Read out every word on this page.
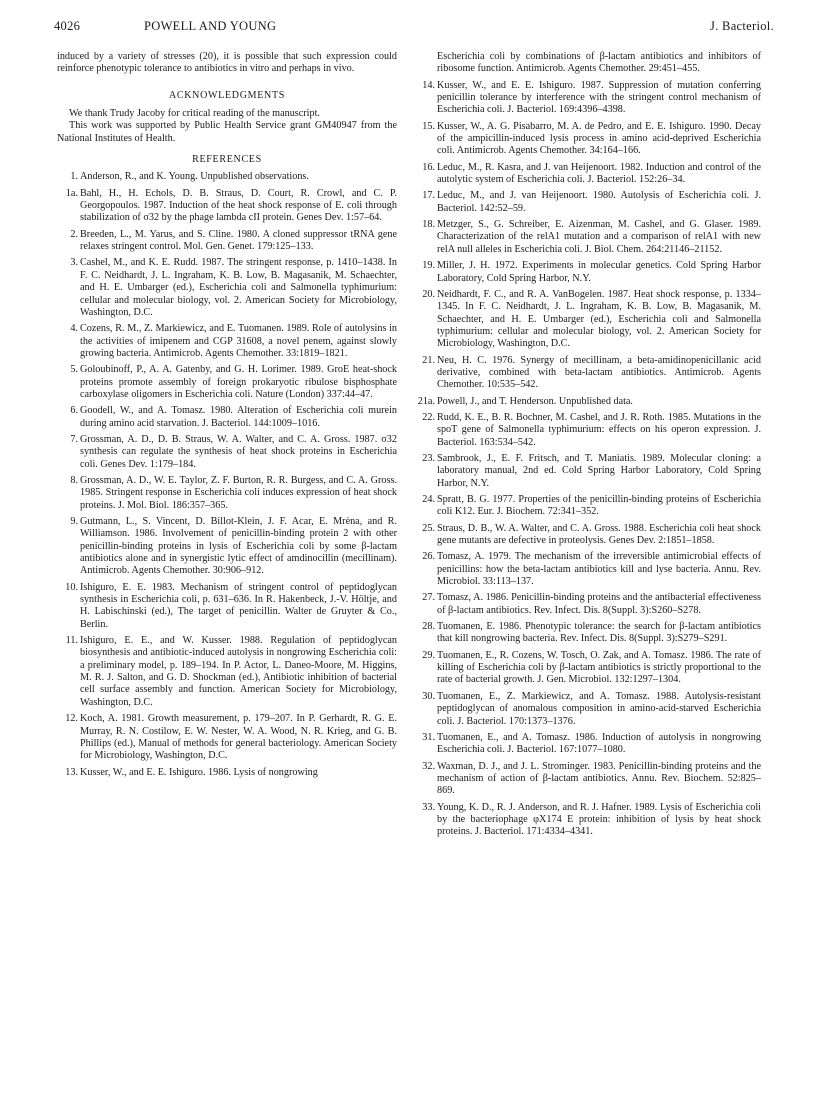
4026	POWELL AND YOUNG	J. Bacteriol.

induced by a variety of stresses (20), it is possible that such expression could reinforce phenotypic tolerance to antibiotics in vitro and perhaps in vivo.

ACKNOWLEDGMENTS

We thank Trudy Jacoby for critical reading of the manuscript.

This work was supported by Public Health Service grant GM40947 from the National Institutes of Health.

REFERENCES

1. Anderson, R., and K. Young. Unpublished observations.
1a. Bahl, H., H. Echols, D. B. Straus, D. Court, R. Crowl, and C. P. Georgopoulos. 1987. Induction of the heat shock response of E. coli through stabilization of σ32 by the phage lambda cII protein. Genes Dev. 1:57–64.
2. Breeden, L., M. Yarus, and S. Cline. 1980. A cloned suppressor tRNA gene relaxes stringent control. Mol. Gen. Genet. 179:125–133.
3. Cashel, M., and K. E. Rudd. 1987. The stringent response, p. 1410–1438. In F. C. Neidhardt, J. L. Ingraham, K. B. Low, B. Magasanik, M. Schaechter, and H. E. Umbarger (ed.), Escherichia coli and Salmonella typhimurium: cellular and molecular biology, vol. 2. American Society for Microbiology, Washington, D.C.
4. Cozens, R. M., Z. Markiewicz, and E. Tuomanen. 1989. Role of autolysins in the activities of imipenem and CGP 31608, a novel penem, against slowly growing bacteria. Antimicrob. Agents Chemother. 33:1819–1821.
5. Goloubinoff, P., A. A. Gatenby, and G. H. Lorimer. 1989. GroE heat-shock proteins promote assembly of foreign prokaryotic ribulose bisphosphate carboxylase oligomers in Escherichia coli. Nature (London) 337:44–47.
6. Goodell, W., and A. Tomasz. 1980. Alteration of Escherichia coli murein during amino acid starvation. J. Bacteriol. 144:1009–1016.
7. Grossman, A. D., D. B. Straus, W. A. Walter, and C. A. Gross. 1987. σ32 synthesis can regulate the synthesis of heat shock proteins in Escherichia coli. Genes Dev. 1:179–184.
8. Grossman, A. D., W. E. Taylor, Z. F. Burton, R. R. Burgess, and C. A. Gross. 1985. Stringent response in Escherichia coli induces expression of heat shock proteins. J. Mol. Biol. 186:357–365.
9. Gutmann, L., S. Vincent, D. Billot-Klein, J. F. Acar, E. Mrèna, and R. Williamson. 1986. Involvement of penicillin-binding protein 2 with other penicillin-binding proteins in lysis of Escherichia coli by some β-lactam antibiotics alone and in synergistic lytic effect of amdinocillin (mecillinam). Antimicrob. Agents Chemother. 30:906–912.
10. Ishiguro, E. E. 1983. Mechanism of stringent control of peptidoglycan synthesis in Escherichia coli, p. 631–636. In R. Hakenbeck, J.-V. Höltje, and H. Labischinski (ed.), The target of penicillin. Walter de Gruyter & Co., Berlin.
11. Ishiguro, E. E., and W. Kusser. 1988. Regulation of peptidoglycan biosynthesis and antibiotic-induced autolysis in nongrowing Escherichia coli: a preliminary model, p. 189–194. In P. Actor, L. Daneo-Moore, M. Higgins, M. R. J. Salton, and G. D. Shockman (ed.), Antibiotic inhibition of bacterial cell surface assembly and function. American Society for Microbiology, Washington, D.C.
12. Koch, A. 1981. Growth measurement, p. 179–207. In P. Gerhardt, R. G. E. Murray, R. N. Costilow, E. W. Nester, W. A. Wood, N. R. Krieg, and G. B. Phillips (ed.), Manual of methods for general bacteriology. American Society for Microbiology, Washington, D.C.
13. Kusser, W., and E. E. Ishiguro. 1986. Lysis of nongrowing

Escherichia coli by combinations of β-lactam antibiotics and inhibitors of ribosome function. Antimicrob. Agents Chemother. 29:451–455.

14. Kusser, W., and E. E. Ishiguro. 1987. Suppression of mutation conferring penicillin tolerance by interference with the stringent control mechanism of Escherichia coli. J. Bacteriol. 169:4396–4398.
15. Kusser, W., A. G. Pisabarro, M. A. de Pedro, and E. E. Ishiguro. 1990. Decay of the ampicillin-induced lysis process in amino acid-deprived Escherichia coli. Antimicrob. Agents Chemother. 34:164–166.
16. Leduc, M., R. Kasra, and J. van Heijenoort. 1982. Induction and control of the autolytic system of Escherichia coli. J. Bacteriol. 152:26–34.
17. Leduc, M., and J. van Heijenoort. 1980. Autolysis of Escherichia coli. J. Bacteriol. 142:52–59.
18. Metzger, S., G. Schreiber, E. Aizenman, M. Cashel, and G. Glaser. 1989. Characterization of the relA1 mutation and a comparison of relA1 with new relA null alleles in Escherichia coli. J. Biol. Chem. 264:21146–21152.
19. Miller, J. H. 1972. Experiments in molecular genetics. Cold Spring Harbor Laboratory, Cold Spring Harbor, N.Y.
20. Neidhardt, F. C., and R. A. VanBogelen. 1987. Heat shock response, p. 1334–1345. In F. C. Neidhardt, J. L. Ingraham, K. B. Low, B. Magasanik, M. Schaechter, and H. E. Umbarger (ed.), Escherichia coli and Salmonella typhimurium: cellular and molecular biology, vol. 2. American Society for Microbiology, Washington, D.C.
21. Neu, H. C. 1976. Synergy of mecillinam, a beta-amidinopenicillanic acid derivative, combined with beta-lactam antibiotics. Antimicrob. Agents Chemother. 10:535–542.
21a. Powell, J., and T. Henderson. Unpublished data.
22. Rudd, K. E., B. R. Bochner, M. Cashel, and J. R. Roth. 1985. Mutations in the spoT gene of Salmonella typhimurium: effects on his operon expression. J. Bacteriol. 163:534–542.
23. Sambrook, J., E. F. Fritsch, and T. Maniatis. 1989. Molecular cloning: a laboratory manual, 2nd ed. Cold Spring Harbor Laboratory, Cold Spring Harbor, N.Y.
24. Spratt, B. G. 1977. Properties of the penicillin-binding proteins of Escherichia coli K12. Eur. J. Biochem. 72:341–352.
25. Straus, D. B., W. A. Walter, and C. A. Gross. 1988. Escherichia coli heat shock gene mutants are defective in proteolysis. Genes Dev. 2:1851–1858.
26. Tomasz, A. 1979. The mechanism of the irreversible antimicrobial effects of penicillins: how the beta-lactam antibiotics kill and lyse bacteria. Annu. Rev. Microbiol. 33:113–137.
27. Tomasz, A. 1986. Penicillin-binding proteins and the antibacterial effectiveness of β-lactam antibiotics. Rev. Infect. Dis. 8(Suppl. 3):S260–S278.
28. Tuomanen, E. 1986. Phenotypic tolerance: the search for β-lactam antibiotics that kill nongrowing bacteria. Rev. Infect. Dis. 8(Suppl. 3):S279–S291.
29. Tuomanen, E., R. Cozens, W. Tosch, O. Zak, and A. Tomasz. 1986. The rate of killing of Escherichia coli by β-lactam antibiotics is strictly proportional to the rate of bacterial growth. J. Gen. Microbiol. 132:1297–1304.
30. Tuomanen, E., Z. Markiewicz, and A. Tomasz. 1988. Autolysis-resistant peptidoglycan of anomalous composition in amino-acid-starved Escherichia coli. J. Bacteriol. 170:1373–1376.
31. Tuomanen, E., and A. Tomasz. 1986. Induction of autolysis in nongrowing Escherichia coli. J. Bacteriol. 167:1077–1080.
32. Waxman, D. J., and J. L. Strominger. 1983. Penicillin-binding proteins and the mechanism of action of β-lactam antibiotics. Annu. Rev. Biochem. 52:825–869.
33. Young, K. D., R. J. Anderson, and R. J. Hafner. 1989. Lysis of Escherichia coli by the bacteriophage φX174 E protein: inhibition of lysis by heat shock proteins. J. Bacteriol. 171:4334–4341.
